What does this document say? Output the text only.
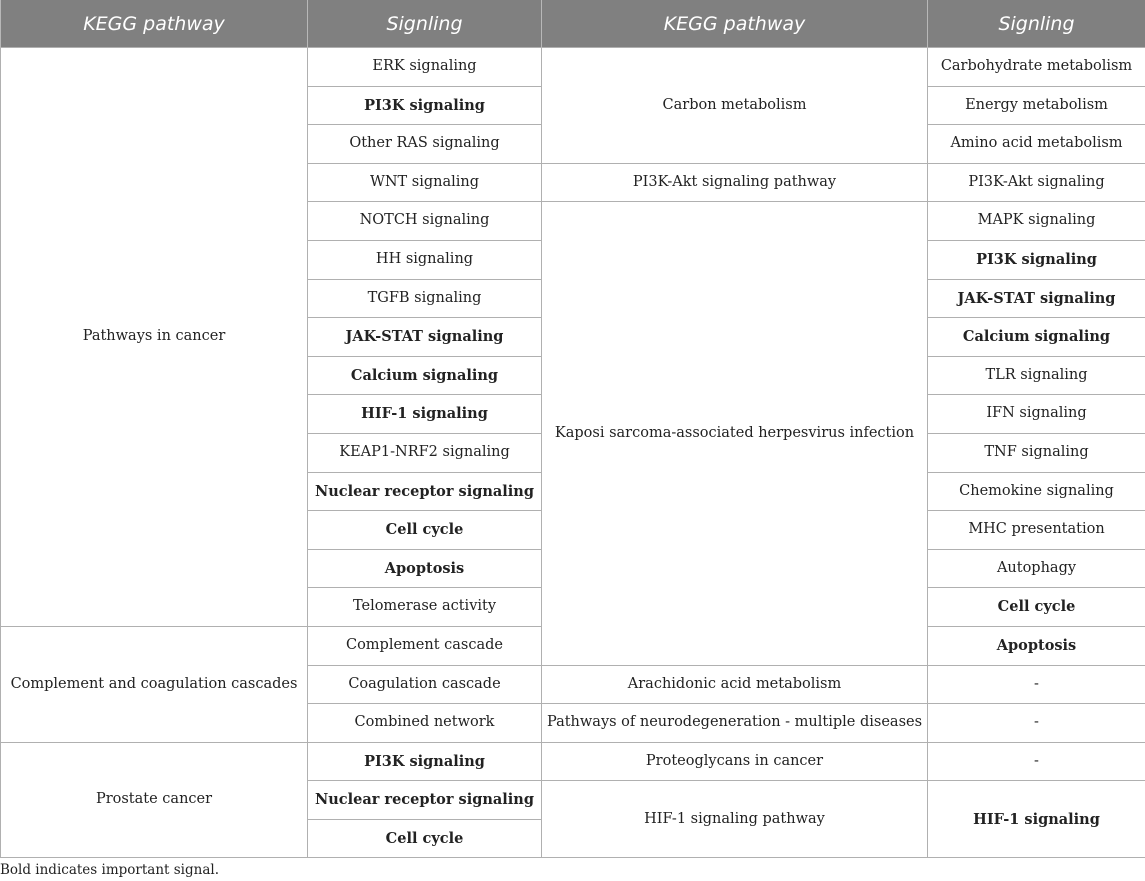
KEGG pathway	Signling	KEGG pathway	Signling
Pathways in cancer	ERK signaling	Carbon metabolism	Carbohydrate metabolism
	PI3K signaling		Energy metabolism
	Other RAS signaling		Amino acid metabolism
	WNT signaling	PI3K-Akt signaling pathway	PI3K-Akt signaling
	NOTCH signaling	Kaposi sarcoma-associated herpesvirus infection	MAPK signaling
	HH signaling		PI3K signaling
	TGFB signaling		JAK-STAT signaling
	JAK-STAT signaling		Calcium signaling
	Calcium signaling		TLR signaling
	HIF-1 signaling		IFN signaling
	KEAP1-NRF2 signaling		TNF signaling
	Nuclear receptor signaling		Chemokine signaling
	Cell cycle		MHC presentation
	Apoptosis		Autophagy
	Telomerase activity		Cell cycle
Complement and coagulation cascades	Complement cascade		Apoptosis
	Coagulation cascade	Arachidonic acid metabolism	-
	Combined network	Pathways of neurodegeneration - multiple diseases	-
Prostate cancer	PI3K signaling	Proteoglycans in cancer	-
	Nuclear receptor signaling	HIF-1 signaling pathway	HIF-1 signaling
	Cell cycle		
Bold indicates important signal.
